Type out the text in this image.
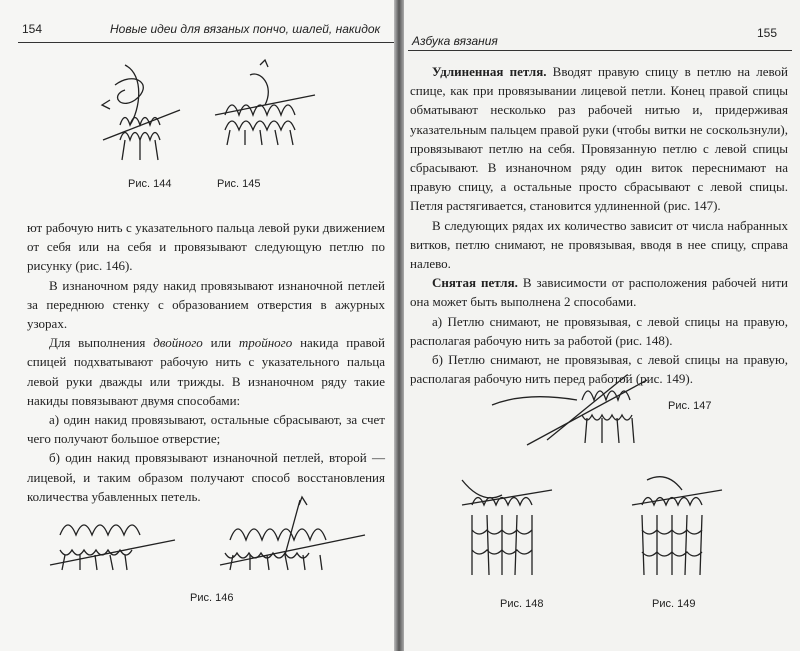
154	Новые идеи для вязаных пончо, шалей, накидок
Рис. 144	Рис. 145

ют рабочую нить с указательного пальца левой руки движением от себя или на себя и провязывают следующую петлю по рисунку (рис. 146).

В изнаночном ряду накид провязывают изнаночной петлей за переднюю стенку с образованием отверстия в ажурных узорах.

Для выполнения двойного или тройного накида правой спицей подхватывают рабочую нить с указательного пальца левой руки дважды или трижды. В изнаночном ряду такие накиды повязывают двумя способами:

а) один накид провязывают, остальные сбрасывают, за счет чего получают большое отверстие;

б) один накид провязывают изнаночной петлей, второй — лицевой, и таким образом получают способ восстановления количества убавленных петель.

Рис. 146
Азбука вязания
155

Удлиненная петля. Вводят правую спицу в петлю на левой спице, как при провязывании лицевой петли. Конец правой спицы обматывают несколько раз рабочей нитью и, придерживая указательным пальцем правой руки (чтобы витки не соскользнули), провязывают петлю на себя. Провязанную петлю с левой спицы сбрасывают. В изнаночном ряду один виток переснимают на правую спицу, а остальные просто сбрасывают с левой спицы. Петля растягивается, становится удлиненной (рис. 147).

В следующих рядах их количество зависит от числа набранных витков, петлю снимают, не провязывая, вводя в нее спицу, справа налево.

Снятая петля. В зависимости от расположения рабочей нити она может быть выполнена 2 способами.

а) Петлю снимают, не провязывая, с левой спицы на правую, располагая рабочую нить за работой (рис. 148).

б) Петлю снимают, не провязывая, с левой спицы на правую, располагая рабочую нить перед работой (рис. 149).

Рис. 147
Рис. 148	Рис. 149
